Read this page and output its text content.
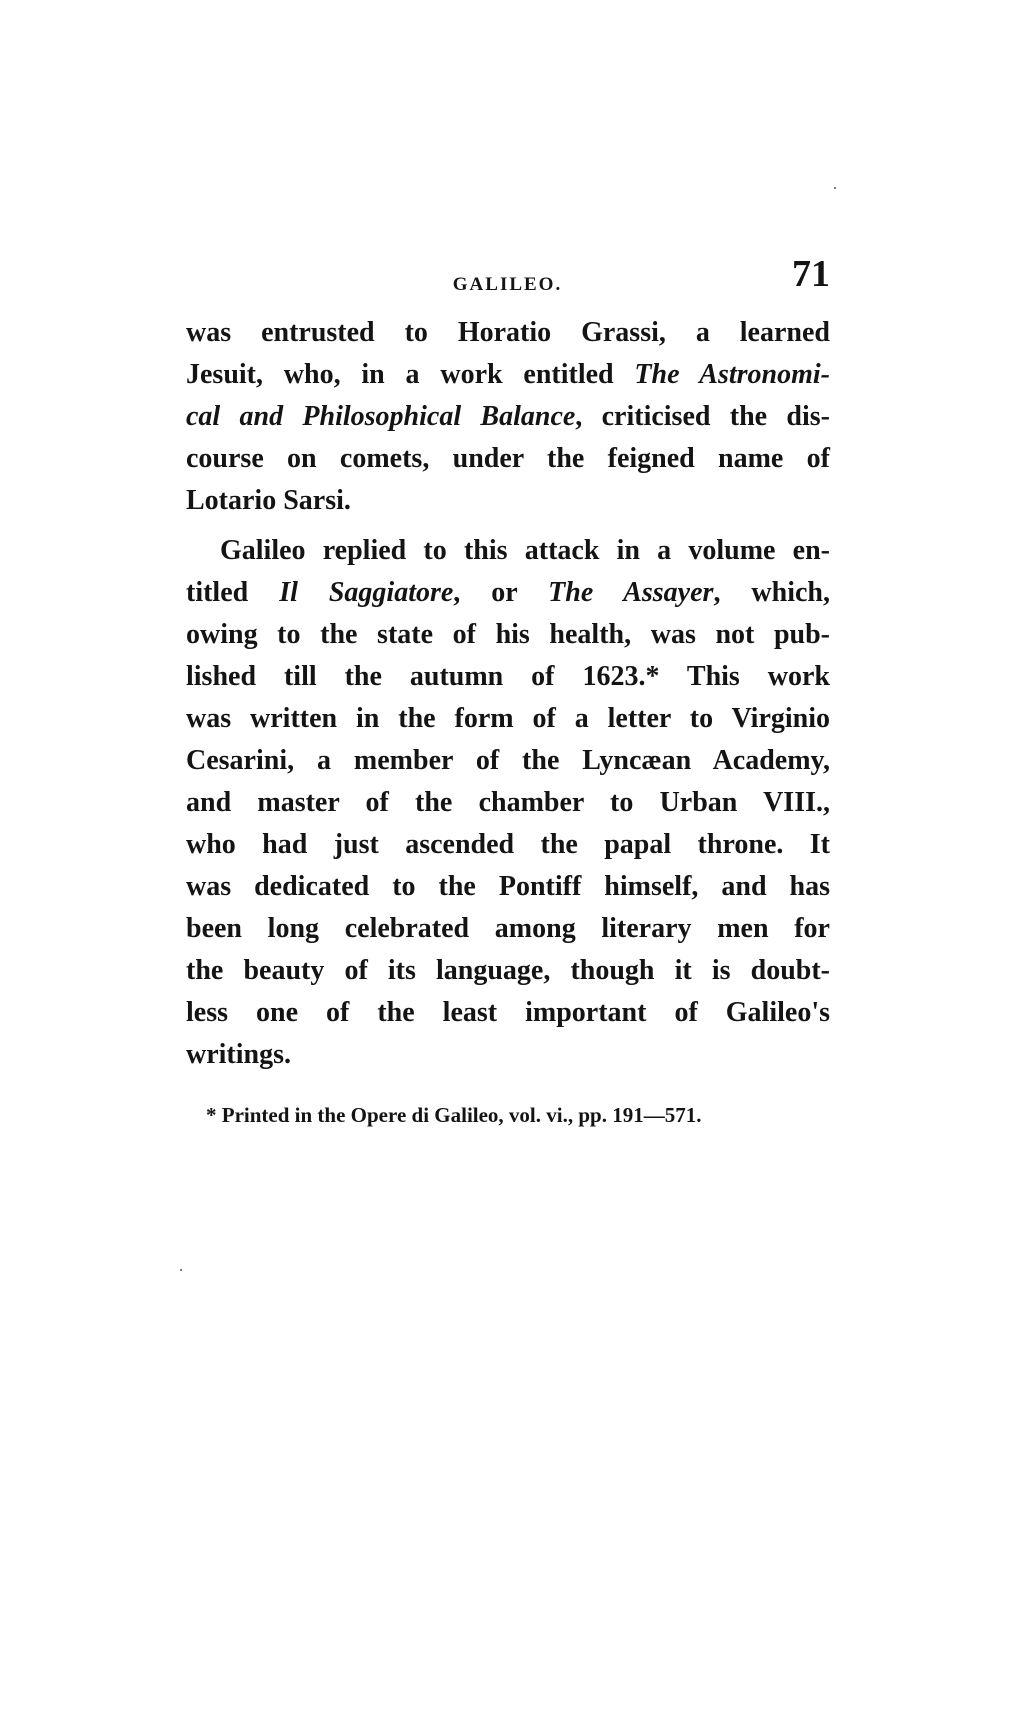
GALILEO.	71

was entrusted to Horatio Grassi, a learned
Jesuit, who, in a work entitled The Astronomi-
cal and Philosophical Balance, criticised the dis-
course on comets, under the feigned name of
Lotario Sarsi.

Galileo replied to this attack in a volume en-
titled Il Saggiatore, or The Assayer, which,
owing to the state of his health, was not pub-
lished till the autumn of 1623.* This work
was written in the form of a letter to Virginio
Cesarini, a member of the Lyncæan Academy,
and master of the chamber to Urban VIII.,
who had just ascended the papal throne. It
was dedicated to the Pontiff himself, and has
been long celebrated among literary men for
the beauty of its language, though it is doubt-
less one of the least important of Galileo's
writings.

* Printed in the Opere di Galileo, vol. vi., pp. 191—571.
